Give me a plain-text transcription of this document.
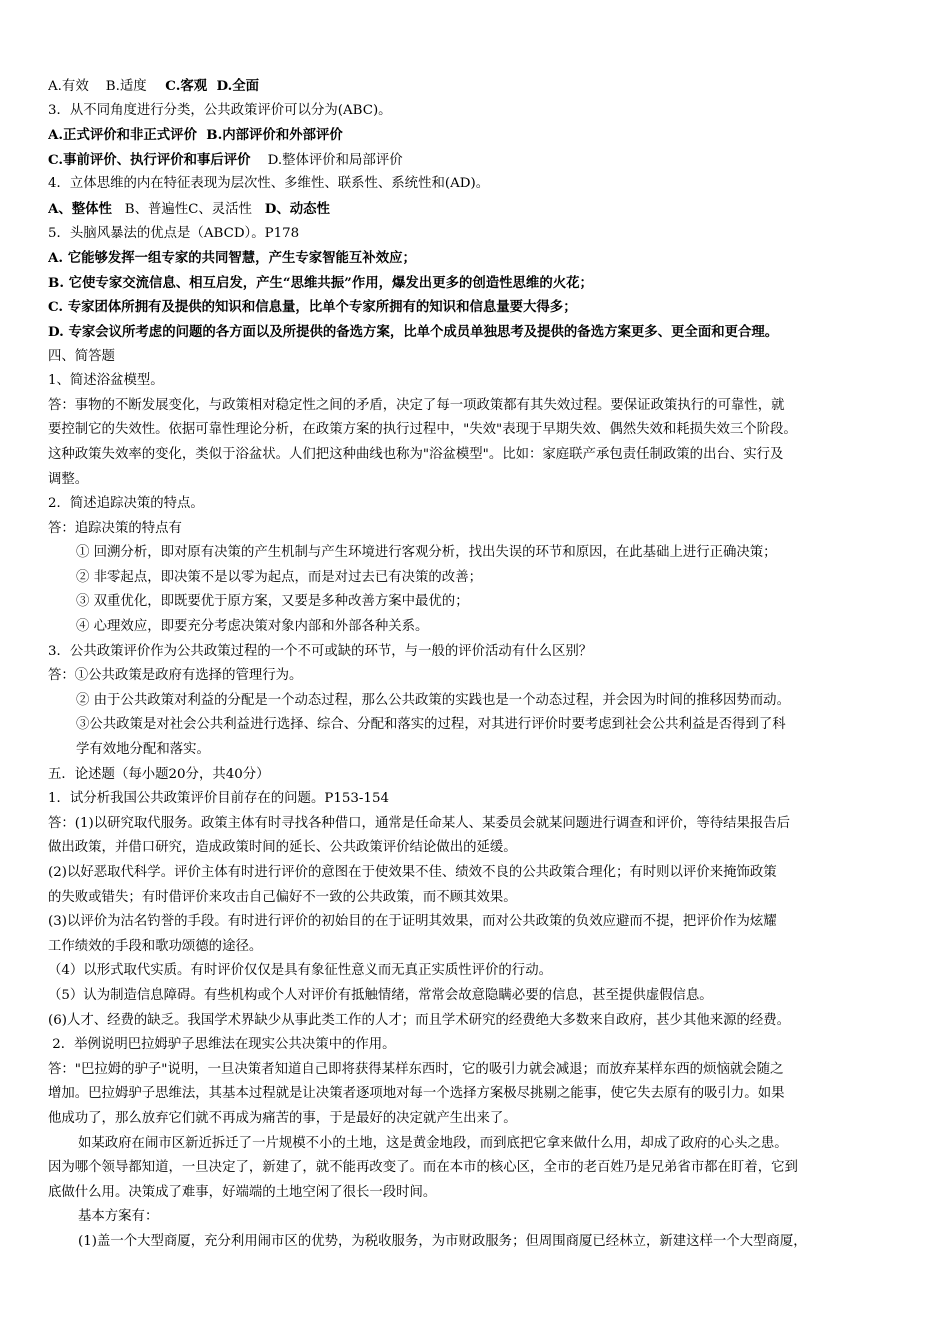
A.有效    B.适度    C.客观  D.全面
3．从不同角度进行分类，公共政策评价可以分为(ABC)。
A.正式评价和非正式评价  B.内部评价和外部评价
C.事前评价、执行评价和事后评价    D.整体评价和局部评价
4．立体思维的内在特征表现为层次性、多维性、联系性、系统性和(AD)。
A、整体性   B、普遍性C、灵活性   D、动态性
5．头脑风暴法的优点是（ABCD）。P178
A. 它能够发挥一组专家的共同智慧，产生专家智能互补效应；
B. 它使专家交流信息、相互启发，产生“思维共振”作用，爆发出更多的创造性思维的火花；
C. 专家团体所拥有及提供的知识和信息量，比单个专家所拥有的知识和信息量要大得多；
D. 专家会议所考虑的问题的各方面以及所提供的备选方案，比单个成员单独思考及提供的备选方案更多、更全面和更合理。
四、简答题
1、简述浴盆模型。
答：事物的不断发展变化，与政策相对稳定性之间的矛盾，决定了每一项政策都有其失效过程。要保证政策执行的可靠性，就
要控制它的失效性。依据可靠性理论分析，在政策方案的执行过程中，"失效"表现于早期失效、偶然失效和耗损失效三个阶段。
这种政策失效率的变化，类似于浴盆状。人们把这种曲线也称为"浴盆模型"。比如：家庭联产承包责任制政策的出台、实行及
调整。
2．简述追踪决策的特点。
答：追踪决策的特点有
① 回溯分析，即对原有决策的产生机制与产生环境进行客观分析，找出失误的环节和原因，在此基础上进行正确决策；
② 非零起点，即决策不是以零为起点，而是对过去已有决策的改善；
③ 双重优化，即既要优于原方案，又要是多种改善方案中最优的；
④ 心理效应，即要充分考虑决策对象内部和外部各种关系。
3．公共政策评价作为公共政策过程的一个不可或缺的环节，与一般的评价活动有什么区别？
答：①公共政策是政府有选择的管理行为。
② 由于公共政策对利益的分配是一个动态过程，那么公共政策的实践也是一个动态过程，并会因为时间的推移因势而动。
③公共政策是对社会公共利益进行选择、综合、分配和落实的过程，对其进行评价时要考虑到社会公共利益是否得到了科
学有效地分配和落实。
五．论述题（每小题20分，共40分）
1．试分析我国公共政策评价目前存在的问题。P153-154
答：(1)以研究取代服务。政策主体有时寻找各种借口，通常是任命某人、某委员会就某问题进行调查和评价，等待结果报告后
做出政策，并借口研究，造成政策时间的延长、公共政策评价结论做出的延缓。
(2)以好恶取代科学。评价主体有时进行评价的意图在于使效果不佳、绩效不良的公共政策合理化；有时则以评价来掩饰政策
的失败或错失；有时借评价来攻击自己偏好不一致的公共政策，而不顾其效果。
(3)以评价为沽名钓誉的手段。有时进行评价的初始目的在于证明其效果，而对公共政策的负效应避而不提，把评价作为炫耀
工作绩效的手段和歌功颂德的途径。
（4）以形式取代实质。有时评价仅仅是具有象征性意义而无真正实质性评价的行动。
（5）认为制造信息障碍。有些机构或个人对评价有抵触情绪，常常会故意隐瞒必要的信息，甚至提供虚假信息。
(6)人才、经费的缺乏。我国学术界缺少从事此类工作的人才；而且学术研究的经费绝大多数来自政府，甚少其他来源的经费。
2．举例说明巴拉姆驴子思维法在现实公共决策中的作用。
答："巴拉姆的驴子"说明，一旦决策者知道自己即将获得某样东西时，它的吸引力就会减退；而放弃某样东西的烦恼就会随之
增加。巴拉姆驴子思维法，其基本过程就是让决策者逐项地对每一个选择方案极尽挑剔之能事，使它失去原有的吸引力。如果
他成功了，那么放弃它们就不再成为痛苦的事，于是最好的决定就产生出来了。
如某政府在闹市区新近拆迁了一片规模不小的土地，这是黄金地段，而到底把它拿来做什么用，却成了政府的心头之患。
因为哪个领导都知道，一旦决定了，新建了，就不能再改变了。而在本市的核心区，全市的老百姓乃是兄弟省市都在盯着，它到
底做什么用。决策成了难事，好端端的土地空闲了很长一段时间。
基本方案有：
(1)盖一个大型商厦，充分利用闹市区的优势，为税收服务，为市财政服务；但周围商厦已经林立，新建这样一个大型商厦，
